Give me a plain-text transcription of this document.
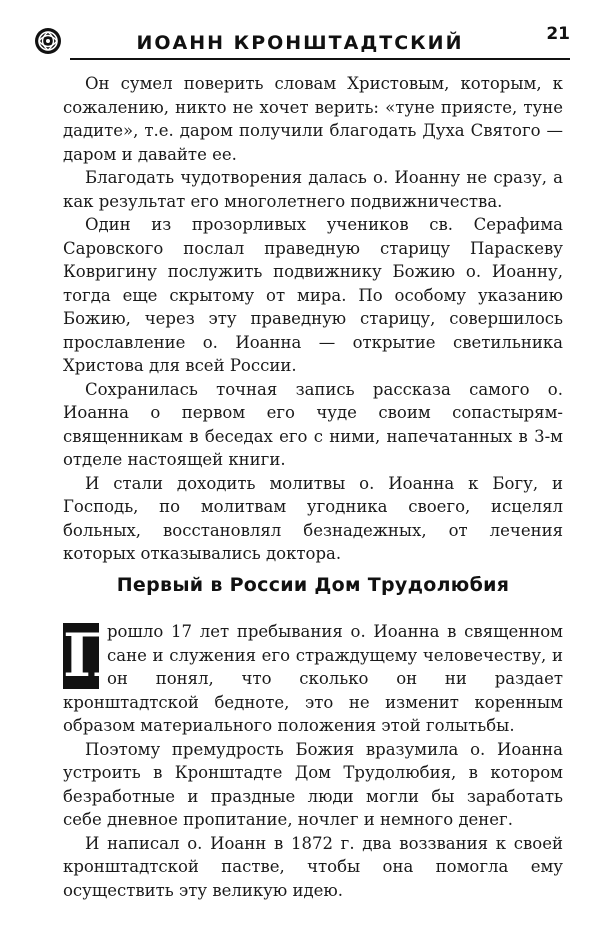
ИОАНН КРОНШТАДТСКИЙ	21

Он сумел поверить словам Христовым, которым, к сожалению, никто не хочет верить: «туне приясте, туне дадите», т.е. даром получили благодать Духа Святого — даром и давайте ее.

Благодать чудотворения далась о. Иоанну не сразу, а как результат его многолетнего подвижничества.

Один из прозорливых учеников св. Серафима Саровского послал праведную старицу Параскеву Ковригину послужить подвижнику Божию о. Иоанну, тогда еще скрытому от мира. По особому указанию Божию, через эту праведную старицу, совершилось прославление о. Иоанна — открытие светильника Христова для всей России.

Сохранилась точная запись рассказа самого о. Иоанна о первом его чуде своим сопастырям-священникам в беседах его с ними, напечатанных в 3-м отделе настоящей книги.

И стали доходить молитвы о. Иоанна к Богу, и Господь, по молитвам угодника своего, исцелял больных, восстановлял безнадежных, от лечения которых отказывались доктора.

Первый в России Дом Трудолюбия

П
рошло 17 лет пребывания о. Иоанна в священном сане и служения его страждущему человечеству, и он понял, что сколько он ни раздает кронштадтской бедноте, это не изменит коренным образом материального положения этой голытьбы.

Поэтому премудрость Божия вразумила о. Иоанна устроить в Кронштадте Дом Трудолюбия, в котором безработные и праздные люди могли бы заработать себе дневное пропитание, ночлег и немного денег.

И написал о. Иоанн в 1872 г. два воззвания к своей кронштадтской пастве, чтобы она помогла ему осуществить эту великую идею.
